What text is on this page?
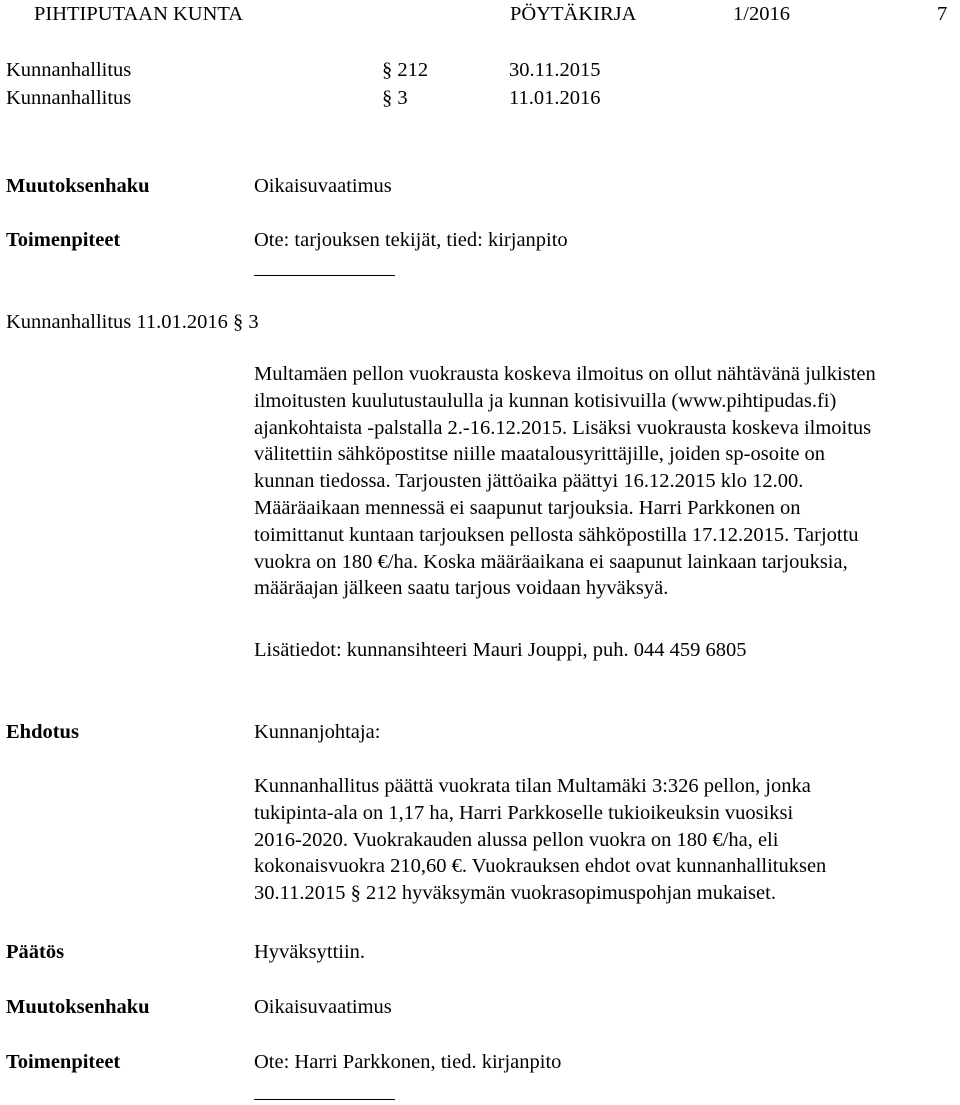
PIHTIPUTAAN KUNTA	PÖYTÄKIRJA	1/2016	7
Kunnanhallitus	§ 212	30.11.2015
Kunnanhallitus	§ 3	11.01.2016
Muutoksenhaku	Oikaisuvaatimus
Toimenpiteet	Ote: tarjouksen tekijät, tied: kirjanpito
Kunnanhallitus 11.01.2016 § 3
Multamäen pellon vuokrausta koskeva ilmoitus on ollut nähtävänä julkisten
ilmoitusten kuulutustaululla ja kunnan kotisivuilla (www.pihtipudas.fi)
ajankohtaista -palstalla 2.-16.12.2015. Lisäksi vuokrausta koskeva ilmoitus
välitettiin sähköpostitse niille maatalousyrittäjille, joiden sp-osoite on
kunnan tiedossa. Tarjousten jättöaika päättyi 16.12.2015 klo 12.00.
Määräaikaan mennessä ei saapunut tarjouksia. Harri Parkkonen on
toimittanut kuntaan tarjouksen pellosta sähköpostilla 17.12.2015. Tarjottu
vuokra on 180 €/ha. Koska määräaikana ei saapunut lainkaan tarjouksia,
määräajan jälkeen saatu tarjous voidaan hyväksyä.
Lisätiedot: kunnansihteeri Mauri Jouppi, puh. 044 459 6805
Ehdotus	Kunnanjohtaja:
Kunnanhallitus päättä vuokrata tilan Multamäki 3:326 pellon, jonka
tukipinta-ala on 1,17 ha, Harri Parkkoselle tukioikeuksin vuosiksi
2016-2020. Vuokrakauden alussa pellon vuokra on 180 €/ha, eli
kokonaisvuokra 210,60 €. Vuokrauksen ehdot ovat kunnanhallituksen
30.11.2015 § 212 hyväksymän vuokrasopimuspohjan mukaiset.
Päätös	Hyväksyttiin.
Muutoksenhaku	Oikaisuvaatimus
Toimenpiteet	Ote: Harri Parkkonen, tied. kirjanpito
